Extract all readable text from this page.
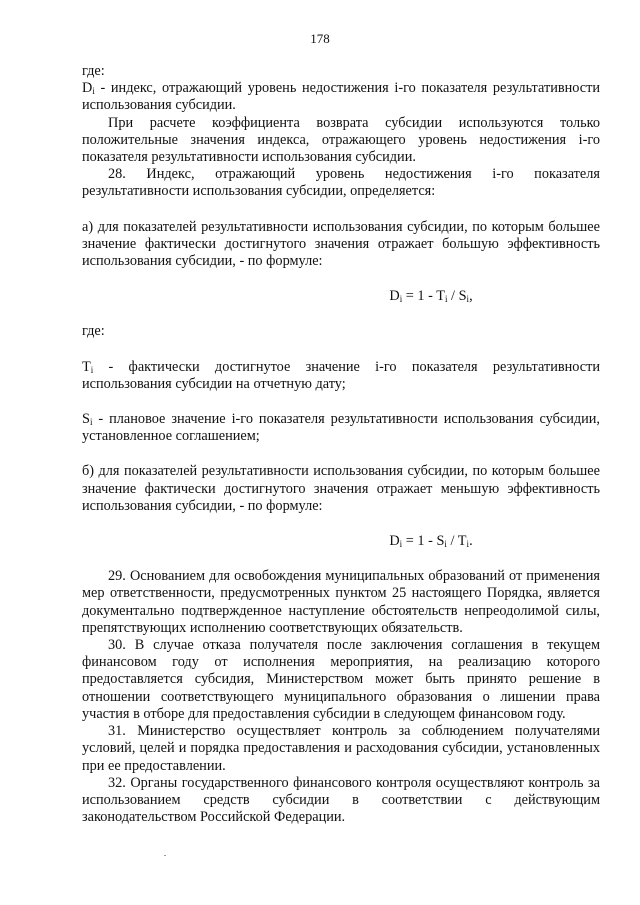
178

где:

$D_i$ - индекс, отражающий уровень недостижения i-го показателя результативности использования субсидии.

При расчете коэффициента возврата субсидии используются только положительные значения индекса, отражающего уровень недостижения i-го показателя результативности использования субсидии.

28. Индекс, отражающий уровень недостижения i-го показателя результативности использования субсидии, определяется:

а) для показателей результативности использования субсидии, по которым большее значение фактически достигнутого значения отражает большую эффективность использования субсидии, - по формуле:

$D_i = 1 - T_i / S_i$,

где:

$T_i$ - фактически достигнутое значение i-го показателя результативности использования субсидии на отчетную дату;

$S_i$ - плановое значение i-го показателя результативности использования субсидии, установленное соглашением;

б) для показателей результативности использования субсидии, по которым большее значение фактически достигнутого значения отражает меньшую эффективность использования субсидии, - по формуле:

$D_i = 1 - S_i / T_i$.

29. Основанием для освобождения муниципальных образований от применения мер ответственности, предусмотренных пунктом 25 настоящего Порядка, является документально подтвержденное наступление обстоятельств непреодолимой силы, препятствующих исполнению соответствующих обязательств.

30. В случае отказа получателя после заключения соглашения в текущем финансовом году от исполнения мероприятия, на реализацию которого предоставляется субсидия, Министерством может быть принято решение в отношении соответствующего муниципального образования о лишении права участия в отборе для предоставления субсидии в следующем финансовом году.

31. Министерство осуществляет контроль за соблюдением получателями условий, целей и порядка предоставления и расходования субсидии, установленных при ее предоставлении.

32. Органы государственного финансового контроля осуществляют контроль за использованием средств субсидии в соответствии с действующим законодательством Российской Федерации.
